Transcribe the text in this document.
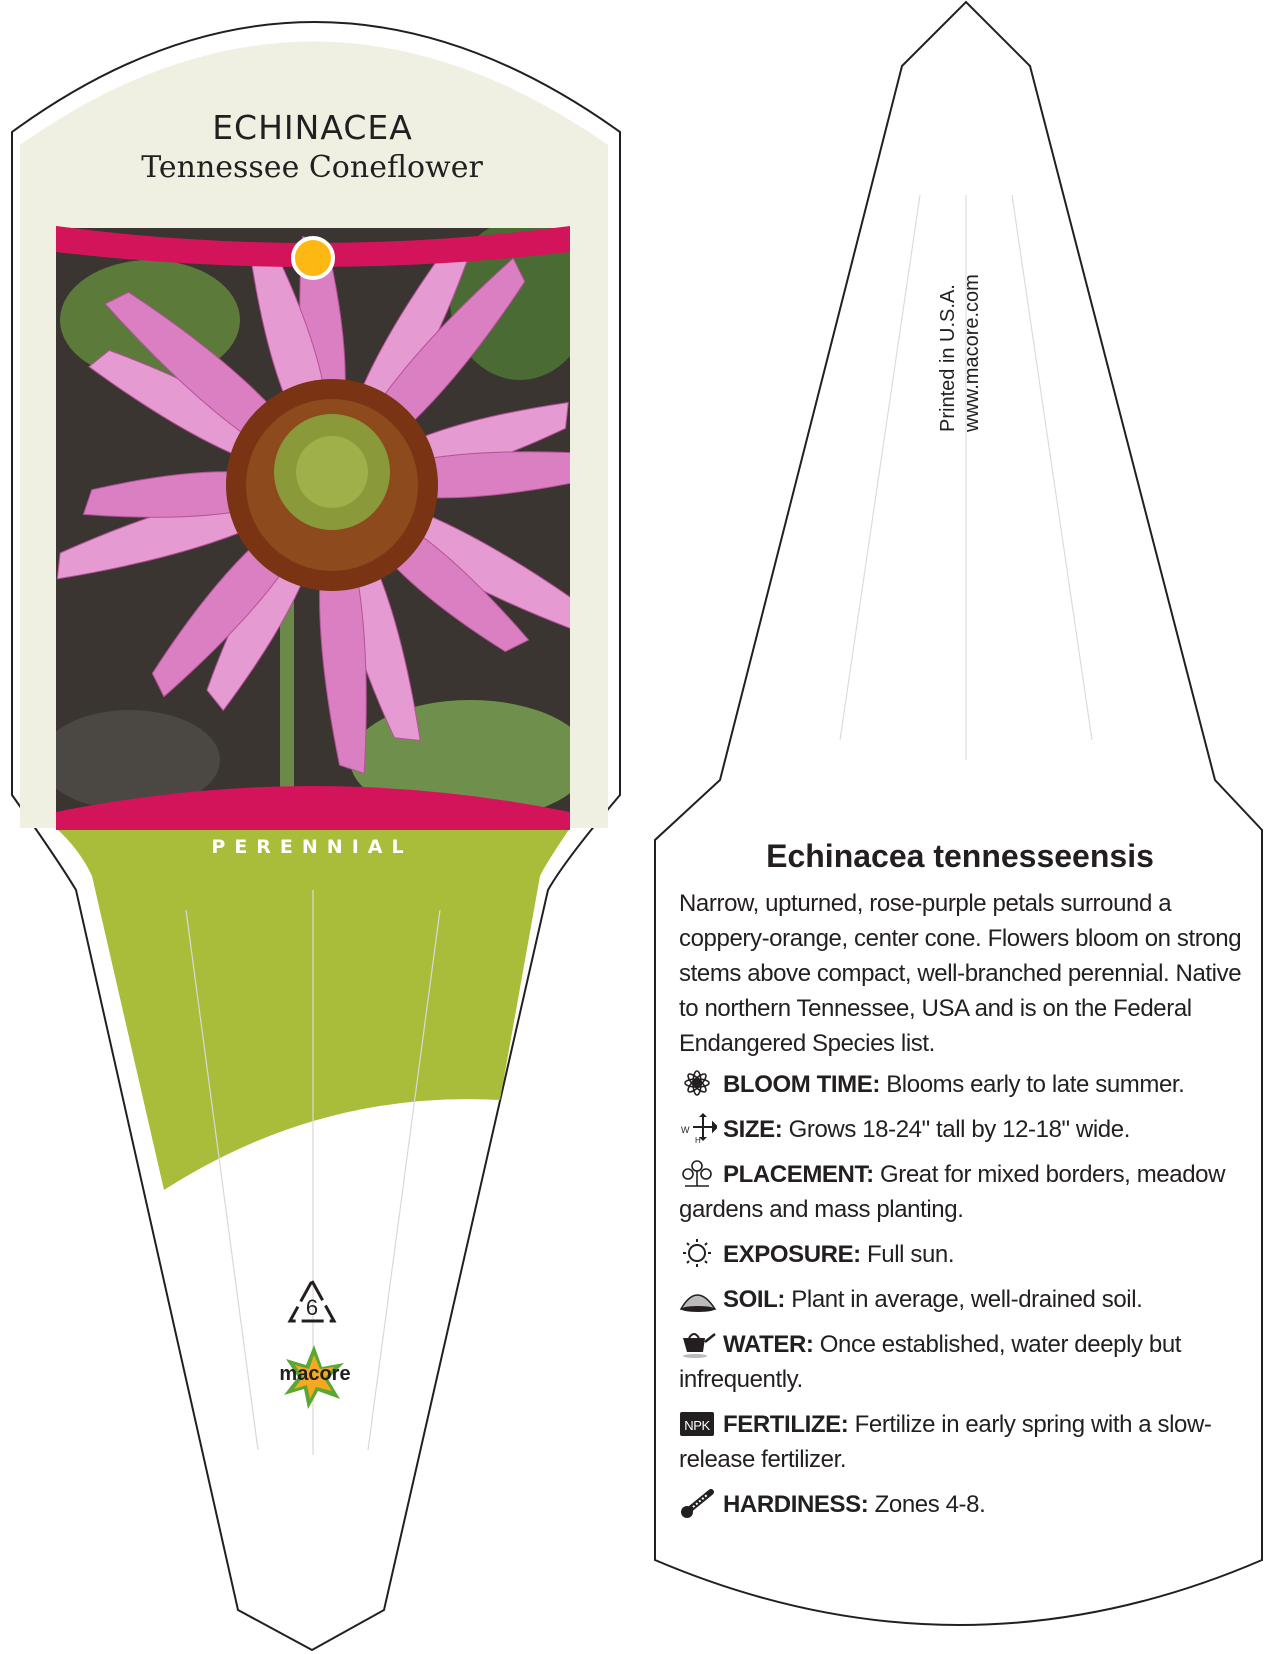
ECHINACEA
Tennessee Coneflower
PERENNIAL
6
macore
Printed in U.S.A. www.macore.com
Echinacea tennesseensis
Narrow, upturned, rose-purple petals surround a coppery-orange, center cone. Flowers bloom on strong stems above compact, well-branched perennial. Native to northern Tennessee, USA and is on the Federal Endangered Species list.
BLOOM TIME: Blooms early to late summer.
W
H SIZE: Grows 18-24" tall by 12-18" wide.
PLACEMENT: Great for mixed borders, meadow gardens and mass planting.
EXPOSURE: Full sun.
SOIL: Plant in average, well-drained soil.
WATER: Once established, water deeply but infrequently.
NPK FERTILIZE: Fertilize in early spring with a slow-release fertilizer.
HARDINESS: Zones 4-8.
